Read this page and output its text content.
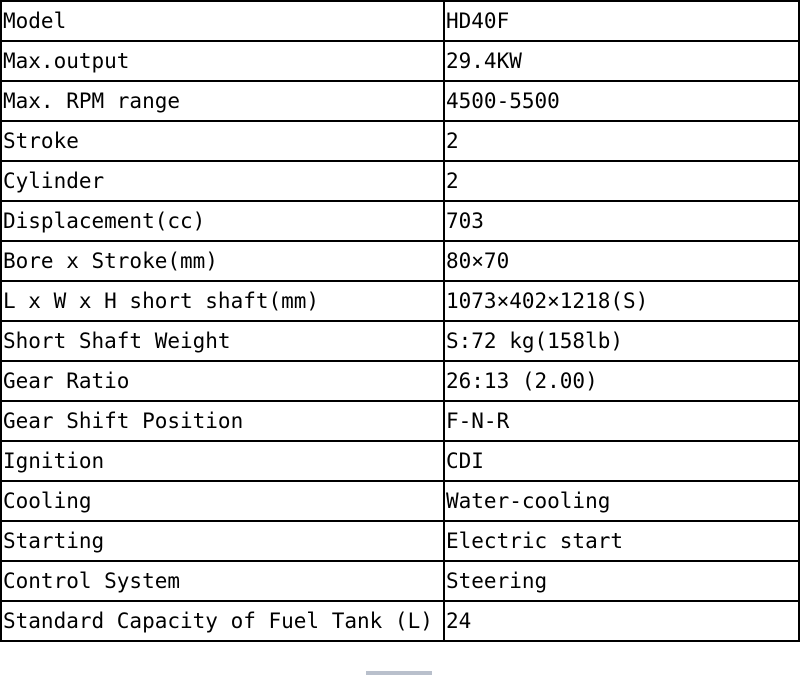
Model	HD40F
Max.output	29.4KW
Max. RPM range	4500-5500
Stroke	2
Cylinder	2
Displacement(cc)	703
Bore x Stroke(mm)	80×70
L x W x H short shaft(mm)	1073×402×1218(S)
Short Shaft Weight	S:72 kg(158lb)
Gear Ratio	26:13 (2.00)
Gear Shift Position	F-N-R
Ignition	CDI
Cooling	Water-cooling
Starting	Electric start
Control System	Steering
Standard Capacity of Fuel Tank (L)	24
